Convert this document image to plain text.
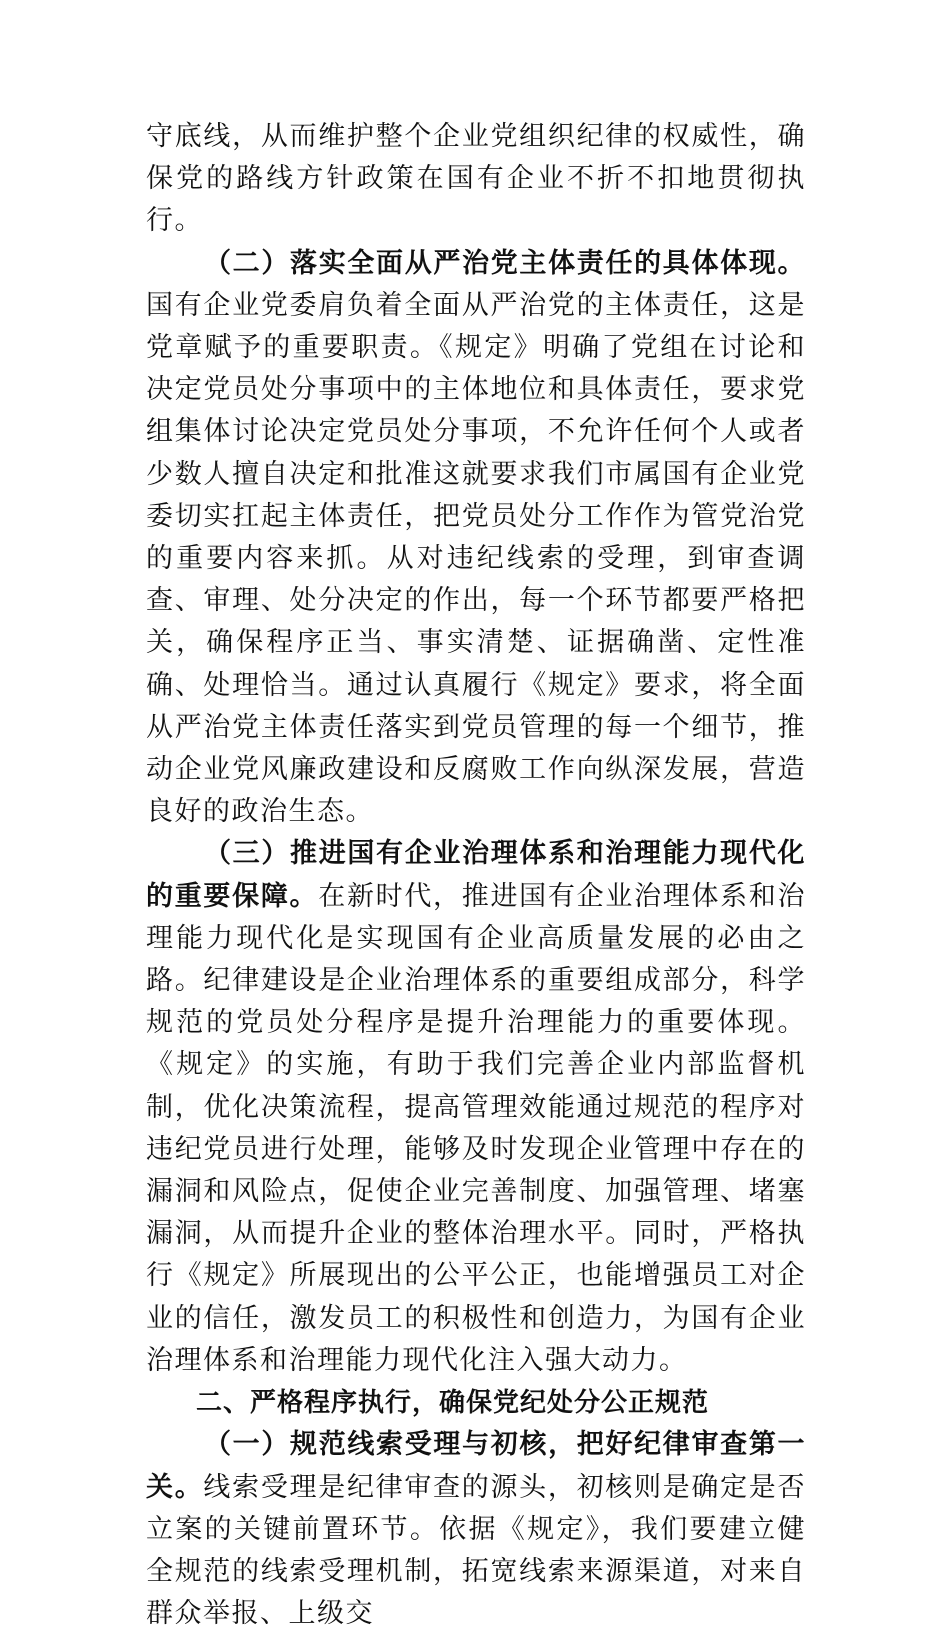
守底线，从而维护整个企业党组织纪律的权威性，确保党的路线方针政策在国有企业不折不扣地贯彻执行。

（二）落实全面从严治党主体责任的具体体现。国有企业党委肩负着全面从严治党的主体责任，这是党章赋予的重要职责。《规定》明确了党组在讨论和决定党员处分事项中的主体地位和具体责任，要求党组集体讨论决定党员处分事项，不允许任何个人或者少数人擅自决定和批准这就要求我们市属国有企业党委切实扛起主体责任，把党员处分工作作为管党治党的重要内容来抓。从对违纪线索的受理，到审查调查、审理、处分决定的作出，每一个环节都要严格把关，确保程序正当、事实清楚、证据确凿、定性准确、处理恰当。通过认真履行《规定》要求，将全面从严治党主体责任落实到党员管理的每一个细节，推动企业党风廉政建设和反腐败工作向纵深发展，营造良好的政治生态。

（三）推进国有企业治理体系和治理能力现代化的重要保障。在新时代，推进国有企业治理体系和治理能力现代化是实现国有企业高质量发展的必由之路。纪律建设是企业治理体系的重要组成部分，科学规范的党员处分程序是提升治理能力的重要体现。《规定》的实施，有助于我们完善企业内部监督机制，优化决策流程，提高管理效能通过规范的程序对违纪党员进行处理，能够及时发现企业管理中存在的漏洞和风险点，促使企业完善制度、加强管理、堵塞漏洞，从而提升企业的整体治理水平。同时，严格执行《规定》所展现出的公平公正，也能增强员工对企业的信任，激发员工的积极性和创造力，为国有企业治理体系和治理能力现代化注入强大动力。

二、严格程序执行，确保党纪处分公正规范

（一）规范线索受理与初核，把好纪律审查第一关。线索受理是纪律审查的源头，初核则是确定是否立案的关键前置环节。依据《规定》，我们要建立健全规范的线索受理机制，拓宽线索来源渠道，对来自群众举报、上级交
